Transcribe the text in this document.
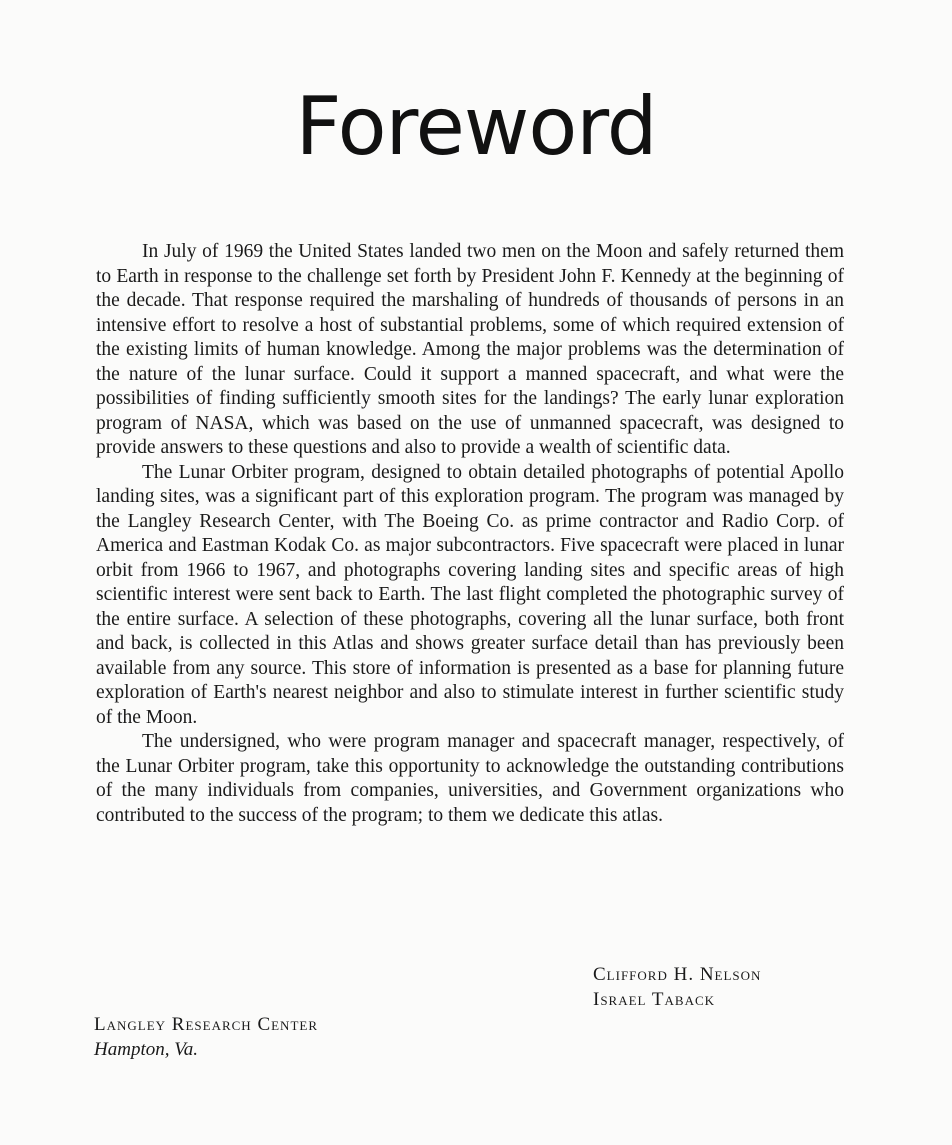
Foreword

In July of 1969 the United States landed two men on the Moon and safely returned them to Earth in response to the challenge set forth by President John F. Kennedy at the beginning of the decade. That response required the marshaling of hundreds of thousands of persons in an intensive effort to resolve a host of substantial problems, some of which required extension of the existing limits of human knowledge. Among the major problems was the determination of the nature of the lunar surface. Could it support a manned spacecraft, and what were the possibilities of finding sufficiently smooth sites for the landings? The early lunar exploration program of NASA, which was based on the use of unmanned spacecraft, was designed to provide answers to these questions and also to provide a wealth of scientific data.

The Lunar Orbiter program, designed to obtain detailed photographs of potential Apollo landing sites, was a significant part of this exploration program. The program was managed by the Langley Research Center, with The Boeing Co. as prime contractor and Radio Corp. of America and Eastman Kodak Co. as major subcontractors. Five spacecraft were placed in lunar orbit from 1966 to 1967, and photographs covering landing sites and specific areas of high scientific interest were sent back to Earth. The last flight completed the photographic survey of the entire surface. A selection of these photographs, covering all the lunar surface, both front and back, is collected in this Atlas and shows greater surface detail than has previously been available from any source. This store of information is presented as a base for planning future exploration of Earth's nearest neighbor and also to stimulate interest in further scientific study of the Moon.

The undersigned, who were program manager and spacecraft manager, respectively, of the Lunar Orbiter program, take this opportunity to acknowledge the outstanding contributions of the many individuals from companies, universities, and Government organizations who contributed to the success of the program; to them we dedicate this atlas.

Clifford H. Nelson
Israel Taback
Langley Research Center
Hampton, Va.
